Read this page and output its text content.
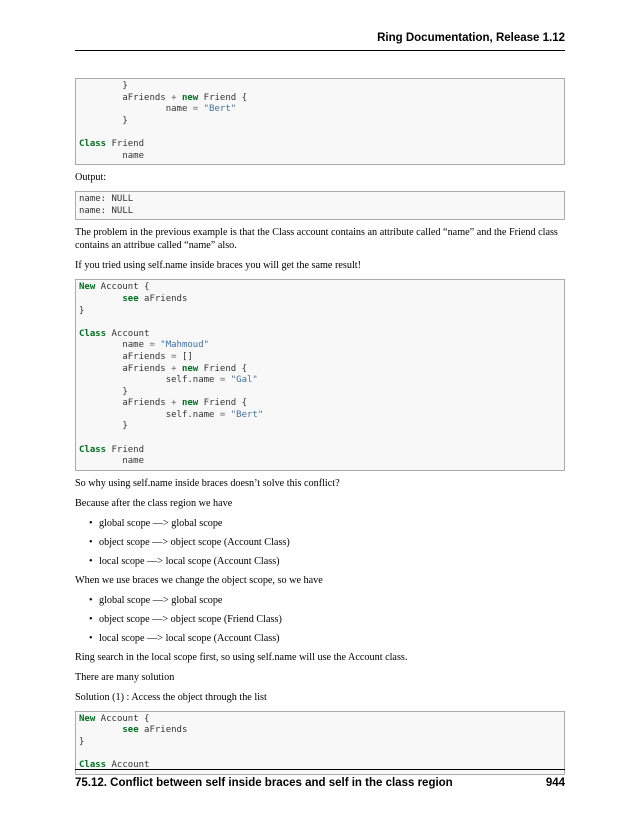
Ring Documentation, Release 1.12
}
aFriends + new Friend {
name = "Bert"
}
Class Friend
name

Output:

name: NULL
name: NULL

The problem in the previous example is that the Class account contains an attribute called “name” and the Friend class contains an attribue called “name” also.

If you tried using self.name inside braces you will get the same result!

New Account {
see aFriends
}
Class Account
name = "Mahmoud"
aFriends = []
aFriends + new Friend {
self.name = "Gal"
}
aFriends + new Friend {
self.name = "Bert"
}
Class Friend
name

So why using self.name inside braces doesn’t solve this conflict?

Because after the class region we have

• global scope —> global scope
• object scope —> object scope (Account Class)
• local scope —> local scope (Account Class)

When we use braces we change the object scope, so we have

• global scope —> global scope
• object scope —> object scope (Friend Class)
• local scope —> local scope (Account Class)

Ring search in the local scope first, so using self.name will use the Account class.

There are many solution

Solution (1) : Access the object through the list

New Account {
see aFriends
}
Class Account
75.12. Conflict between self inside braces and self in the class region	944
